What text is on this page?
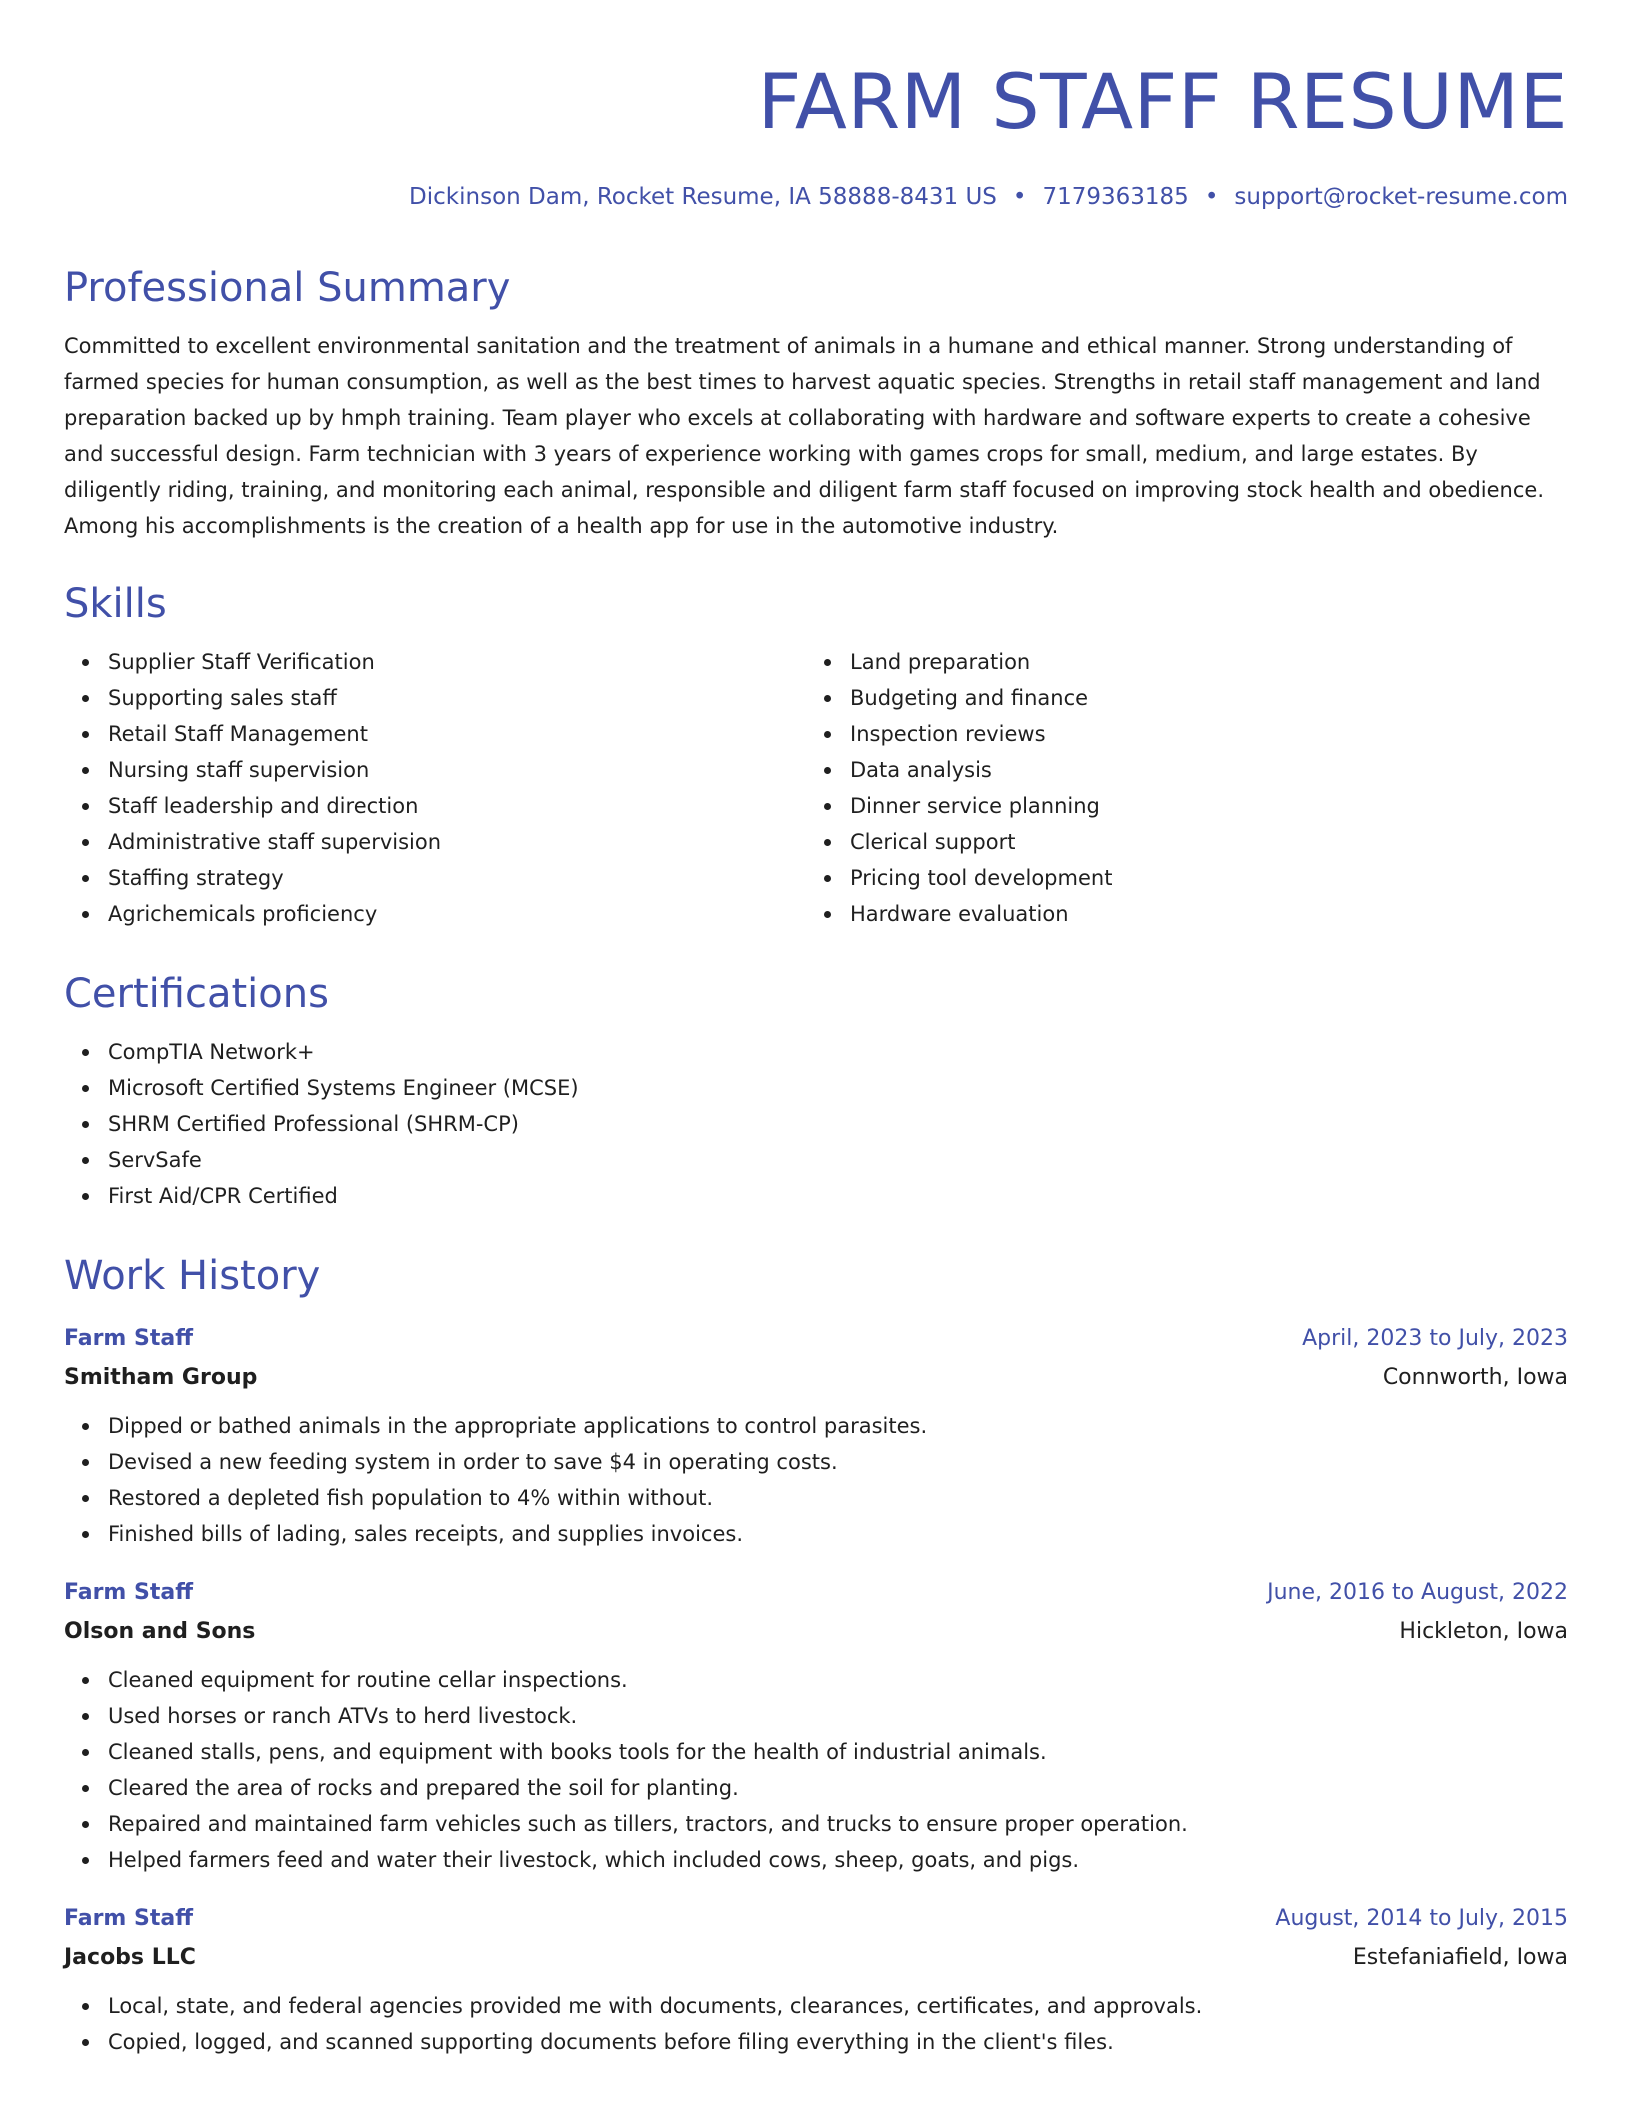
FARM STAFF RESUME
Dickinson Dam, Rocket Resume, IA 58888-8431 US • 7179363185 • support@rocket-resume.com
Professional Summary

Committed to excellent environmental sanitation and the treatment of animals in a humane and ethical manner. Strong understanding of farmed species for human consumption, as well as the best times to harvest aquatic species. Strengths in retail staff management and land preparation backed up by hmph training. Team player who excels at collaborating with hardware and software experts to create a cohesive and successful design. Farm technician with 3 years of experience working with games crops for small, medium, and large estates. By diligently riding, training, and monitoring each animal, responsible and diligent farm staff focused on improving stock health and obedience. Among his accomplishments is the creation of a health app for use in the automotive industry.

Skills
Supplier Staff Verification
Supporting sales staff
Retail Staff Management
Nursing staff supervision
Staff leadership and direction
Administrative staff supervision
Staffing strategy
Agrichemicals proficiency
Land preparation
Budgeting and finance
Inspection reviews
Data analysis
Dinner service planning
Clerical support
Pricing tool development
Hardware evaluation
Certifications
CompTIA Network+
Microsoft Certified Systems Engineer (MCSE)
SHRM Certified Professional (SHRM-CP)
ServSafe
First Aid/CPR Certified
Work History
Farm Staff	April, 2023 to July, 2023
Smitham Group	Connworth, Iowa
Dipped or bathed animals in the appropriate applications to control parasites.
Devised a new feeding system in order to save $4 in operating costs.
Restored a depleted fish population to 4% within without.
Finished bills of lading, sales receipts, and supplies invoices.
Farm Staff	June, 2016 to August, 2022
Olson and Sons	Hickleton, Iowa
Cleaned equipment for routine cellar inspections.
Used horses or ranch ATVs to herd livestock.
Cleaned stalls, pens, and equipment with books tools for the health of industrial animals.
Cleared the area of rocks and prepared the soil for planting.
Repaired and maintained farm vehicles such as tillers, tractors, and trucks to ensure proper operation.
Helped farmers feed and water their livestock, which included cows, sheep, goats, and pigs.
Farm Staff	August, 2014 to July, 2015
Jacobs LLC	Estefaniafield, Iowa
Local, state, and federal agencies provided me with documents, clearances, certificates, and approvals.
Copied, logged, and scanned supporting documents before filing everything in the client's files.
